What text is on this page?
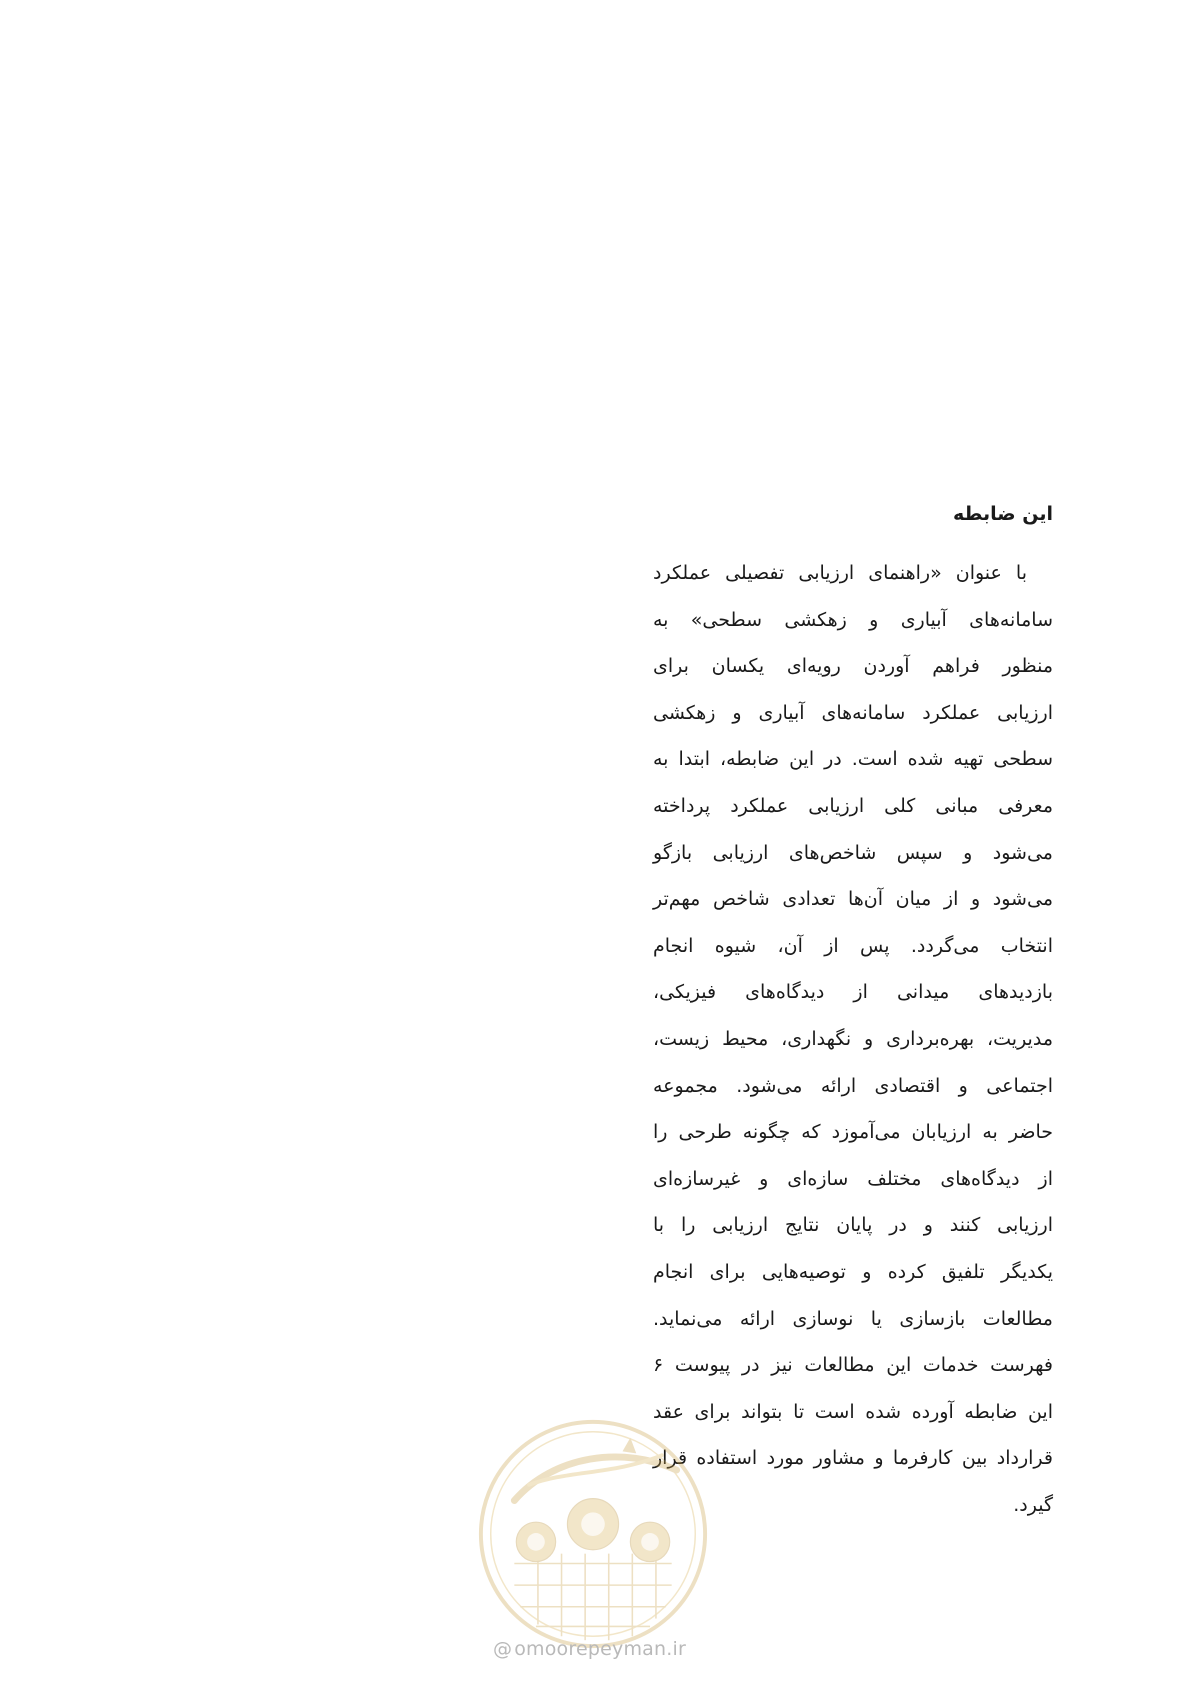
این ضابطه
با عنوان «راهنمای ارزیابی تفصیلی عملکرد
سامانه‌های آبیاری و زهکشی سطحی» به
منظور فراهم آوردن رویه‌ای یکسان برای
ارزیابی عملکرد سامانه‌های آبیاری و زهکشی
سطحی تهیه شده است. در این ضابطه، ابتدا به
معرفی مبانی کلی ارزیابی عملکرد پرداخته
می‌شود و سپس شاخص‌های ارزیابی بازگو
می‌شود و از میان آن‌ها تعدادی شاخص مهم‌تر
انتخاب می‌گردد. پس از آن، شیوه انجام
بازدیدهای میدانی از دیدگاه‌های فیزیکی،
مدیریت، بهره‌برداری و نگهداری، محیط زیست،
اجتماعی و اقتصادی ارائه می‌شود. مجموعه
حاضر به ارزیابان می‌آموزد که چگونه طرحی را
از دیدگاه‌های مختلف سازه‌ای و غیرسازه‌ای
ارزیابی کنند و در پایان نتایج ارزیابی را با
یکدیگر تلفیق کرده و توصیه‌هایی برای انجام
مطالعات بازسازی یا نوسازی ارائه می‌نماید.
فهرست خدمات این مطالعات نیز در پیوست ۶
این ضابطه آورده شده است تا بتواند برای عقد
قرارداد بین کارفرما و مشاور مورد استفاده قرار
گیرد.
@ omoorepeyman.ir
